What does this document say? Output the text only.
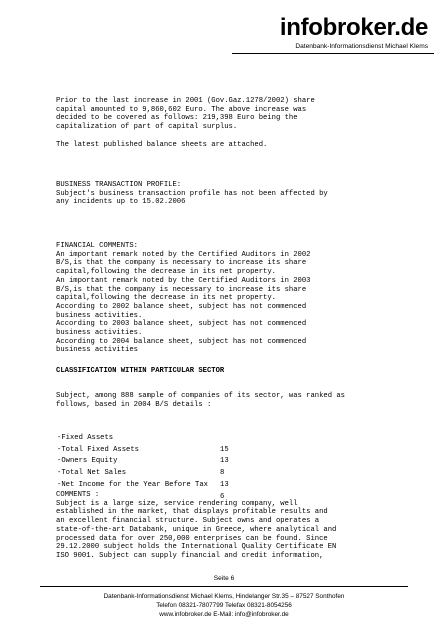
infobroker.de
Datenbank-Informationsdienst Michael Klems
Prior to the last increase in 2001 (Gov.Gaz.1278/2002) share
capital amounted to 9,860,602 Euro. The above increase was
decided to be covered as follows: 219,398 Euro being the
capitalization of part of capital surplus.
The latest published balance sheets are attached.
BUSINESS TRANSACTION PROFILE:
Subject's business transaction profile has not been affected by
any incidents up to 15.02.2006
FINANCIAL COMMENTS:
An important remark noted by the Certified Auditors in 2002
B/S,is that the company is necessary to increase its share
capital,following the decrease in its net property.
An important remark noted by the Certified Auditors in 2003
B/S,is that the company is necessary to increase its share
capital,following the decrease in its net property.
According to 2002 balance sheet, subject has not commenced
business activities.
According to 2003 balance sheet, subject has not commenced
business activities.
According to 2004 balance sheet, subject has not commenced
business activities
CLASSIFICATION WITHIN PARTICULAR SECTOR
Subject, among 888 sample of companies of its sector, was ranked as
follows, based in 2004 B/S details :

-Fixed Assets

15

-Total Fixed Assets

13

-Owners Equity

8

-Total Net Sales

13

-Net Income for the Year Before Tax

6

COMMENTS :
Subject is a large size, service rendering company, well
established in the market, that displays profitable results and
an excellent financial structure. Subject owns and operates a
state-of-the-art Databank, unique in Greece, where analytical and
processed data for over 250,000 enterprises can be found. Since
29.12.2000 subject holds the International Quality Certificate EN
ISO 9001. Subject can supply financial and credit information,
Seite 6
Datenbank-Informationsdienst Michael Klems, Hindelanger Str.35 – 87527 Sonthofen
Telefon 08321-7807799 Telefax 08321-8054256
www.infobroker.de E-Mail: info@infobroker.de
